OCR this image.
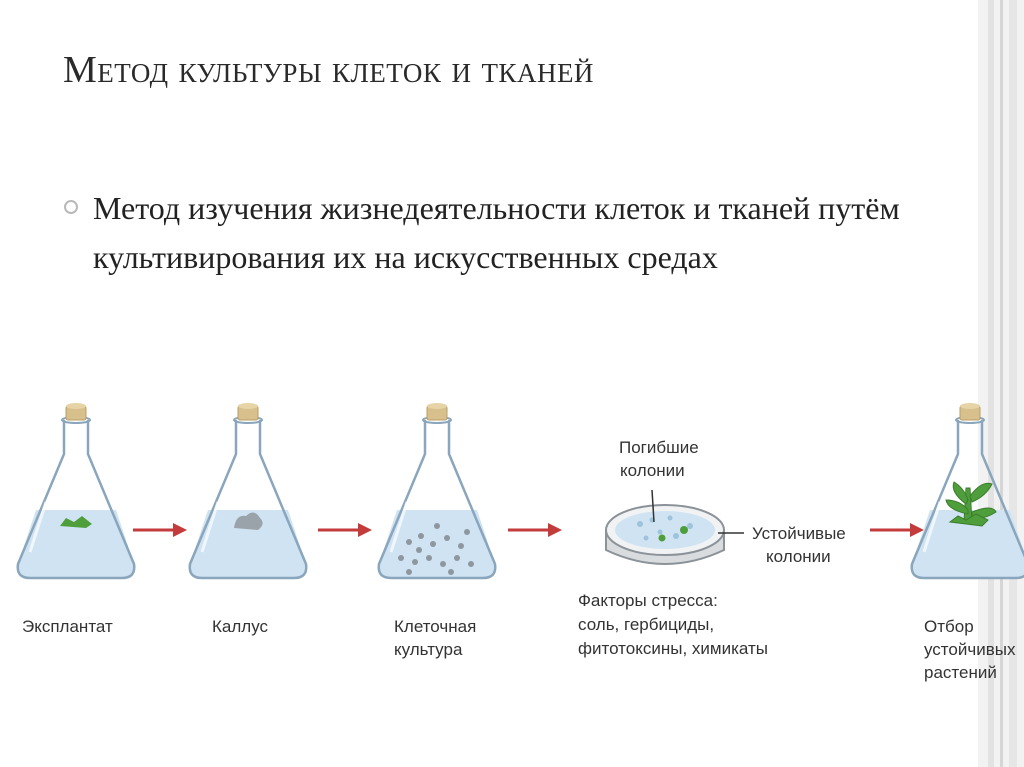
Метод культуры клеток и тканей

Метод изучения жизнедеятельности клеток и тканей путём культивирования их на искусственных средах

Эксплантат	Каллус	Клеточная
культура
Погибшие
колонии
Устойчивые
колонии
Факторы стресса:
соль, гербициды,
фитотоксины, химикаты
Отбор
устойчивых
растений
